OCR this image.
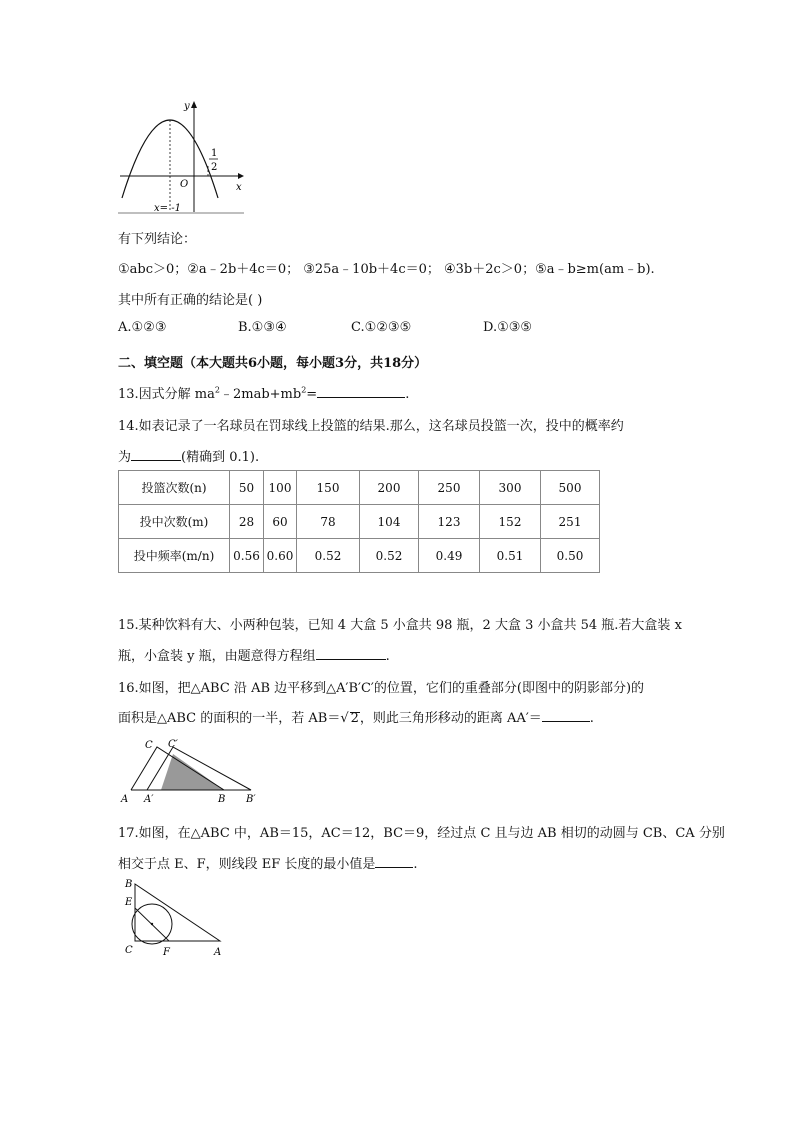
y
x
O
1
2
x= -1
有下列结论：
①abc＞0；②a﹣2b＋4c＝0； ③25a﹣10b＋4c＝0； ④3b＋2c＞0；⑤a﹣b≥m(am﹣b).
其中所有正确的结论是( )
A.①②③	B.①③④	C.①②③⑤	D.①③⑤
二、填空题（本大题共6小题，每小题3分，共18分）
13.因式分解 $ma^2﹣2mab+mb^2=$	.
14.如表记录了一名球员在罚球线上投篮的结果.那么，这名球员投篮一次，投中的概率约
为	(精确到 0.1).
投篮次数(n)	50	100	150	200	250	300	500
投中次数(m)	28	60	78	104	123	152	251
投中频率(m/n)	0.56	0.60	0.52	0.52	0.49	0.51	0.50
15.某种饮料有大、小两种包装，已知 4 大盒 5 小盒共 98 瓶，2 大盒 3 小盒共 54 瓶.若大盒装 x
瓶，小盒装 y 瓶，由题意得方程组	.
16.如图，把△ABC 沿 AB 边平移到△A′B′C′的位置，它们的重叠部分(即图中的阴影部分)的
面积是△ABC 的面积的一半，若 AB＝√ 2，则此三角形移动的距离 AA′＝	.
C C′
A A′	B B′
17.如图，在△ABC 中，AB＝15，AC＝12，BC＝9，经过点 C 且与边 AB 相切的动圆与 CB、CA 分别
相交于点 E、F，则线段 EF 长度的最小值是	.
B
E
C	F	A
